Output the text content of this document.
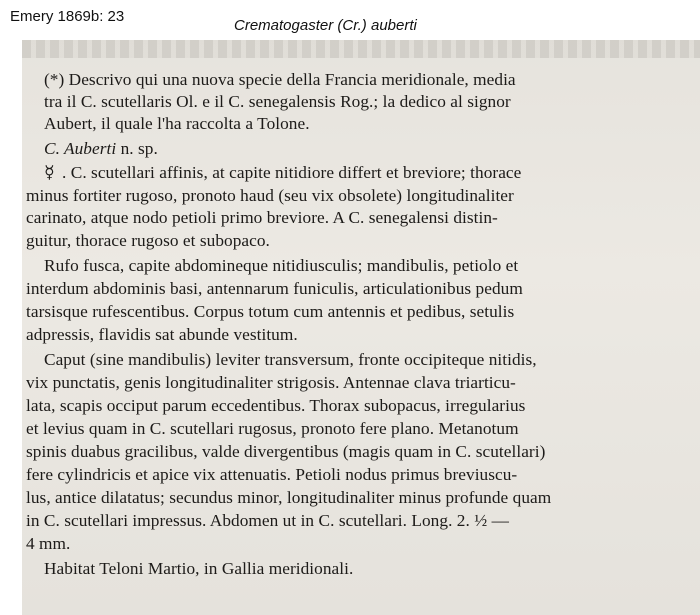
Emery 1869b: 23
Crematogaster (Cr.) auberti
(*) Descrivo qui una nuova specie della Francia meridionale, media
tra il C. scutellaris Ol. e il C. senegalensis Rog.; la dedico al signor
Aubert, il quale l'ha raccolta a Tolone.
C. Auberti n. sp.
☿ . C. scutellari affinis, at capite nitidiore differt et breviore; thorace
minus fortiter rugoso, pronoto haud (seu vix obsolete) longitudinaliter
carinato, atque nodo petioli primo breviore. A C. senegalensi distin-
guitur, thorace rugoso et subopaco.
Rufo fusca, capite abdomineque nitidiusculis; mandibulis, petiolo et
interdum abdominis basi, antennarum funiculis, articulationibus pedum
tarsisque rufescentibus. Corpus totum cum antennis et pedibus, setulis
adpressis, flavidis sat abunde vestitum.
Caput (sine mandibulis) leviter transversum, fronte occipiteque nitidis,
vix punctatis, genis longitudinaliter strigosis. Antennae clava triarticu-
lata, scapis occiput parum eccedentibus. Thorax subopacus, irregularius
et levius quam in C. scutellari rugosus, pronoto fere plano. Metanotum
spinis duabus gracilibus, valde divergentibus (magis quam in C. scutellari)
fere cylindricis et apice vix attenuatis. Petioli nodus primus breviuscu-
lus, antice dilatatus; secundus minor, longitudinaliter minus profunde quam
in C. scutellari impressus. Abdomen ut in C. scutellari. Long. 2. ½ —
4 mm.
Habitat Teloni Martio, in Gallia meridionali.
